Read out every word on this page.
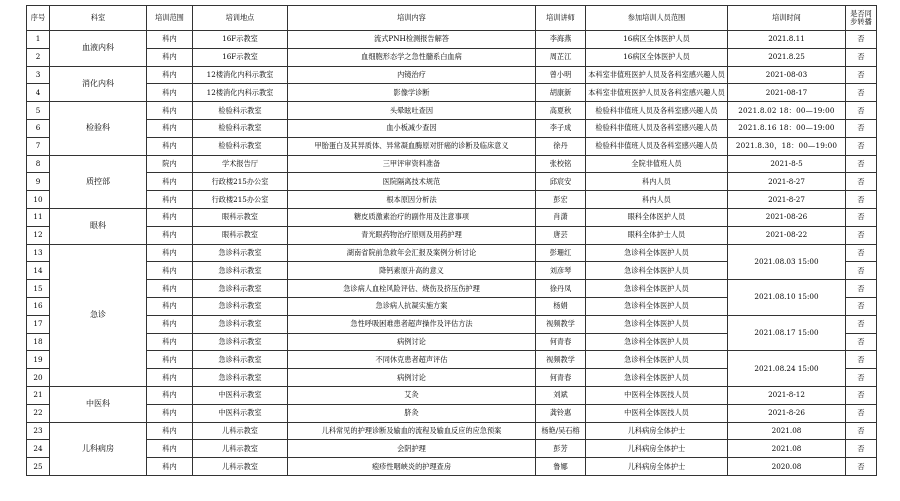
序号	科室	培训范围	培训地点	培训内容	培训讲师	参加培训人员范围	培训时间	是否同步转播
1	血液内科	科内	16F示教室	流式PNH检测报告解答	李海燕	16病区全体医护人员	2021.8.11	否
2		科内	16F示教室	血细胞形态学之急性髓系白血病	周芷江	16病区全体医护人员	2021.8.25	否
3	消化内科	科内	12楼消化内科示教室	内镜治疗	曾小明	本科室非值班医护人员及各科室感兴趣人员	2021-08-03	否
4		科内	12楼消化内科示教室	影像学诊断	胡康新	本科室非值班医护人员及各科室感兴趣人员	2021-08-17	否
5	检验科	科内	检验科示教室	头晕眩吐查因	高夏秋	检验科非值班人员及各科室感兴趣人员	2021.8.02 18：00—19:00	否
6		科内	检验科示教室	血小板减少查因	李子成	检验科非值班人员及各科室感兴趣人员	2021.8.16 18：00—19:00	否
7		科内	检验科示教室	甲胎蛋白及其异质体、异常凝血酶原对肝癌的诊断及临床意义	徐丹	检验科非值班人员及各科室感兴趣人员	2021.8.30，18：00—19:00	否
8	质控部	院内	学术报告厅	三甲评审资料准备	张校铭	全院非值班人员	2021-8-5	否
9		科内	行政楼215办公室	医院隔离技术规范	邱宸安	科内人员	2021-8-27	否
10		科内	行政楼215办公室	根本原因分析法	彭宏	科内人员	2021-8-27	否
11	眼科	科内	眼科示教室	糖皮质激素治疗的副作用及注意事项	肖潇	眼科全体医护人员	2021-08-26	否
12		科内	眼科示教室	青光眼药物治疗原则及用药护理	唐芸	眼科全体护士人员	2021-08-22	否
13	急诊	科内	急诊科示教室	湖南省院前急救年会汇报及案例分析讨论	彭珊红	急诊科全体医护人员	2021.08.03 15:00	否
14		科内	急诊科示教室	降钙素原升高的意义	刘彦琴	急诊科全体医护人员		否
15		科内	急诊科示教室	急诊病人血栓风险评估、烧伤及挤压伤护理	徐丹凤	急诊科全体医护人员	2021.08.10 15:00	否
16		科内	急诊科示教室	急诊病人抗凝实施方案	杨娟	急诊科全体医护人员		否
17		科内	急诊科示教室	急性呼吸困难患者超声操作及评估方法	视频教学	急诊科全体医护人员	2021.08.17 15:00	否
18		科内	急诊科示教室	病例讨论	何青春	急诊科全体医护人员		否
19		科内	急诊科示教室	不同休克患者超声评估	视频教学	急诊科全体医护人员	2021.08.24 15:00	否
20		科内	急诊科示教室	病例讨论	何青春	急诊科全体医护人员		否
21	中医科	科内	中医科示教室	艾灸	刘斌	中医科全体医技人员	2021-8-12	否
22		科内	中医科示教室	脐灸	龚铃惠	中医科全体医技人员	2021-8-26	否
23	儿科病房	科内	儿科示教室	儿科常见的护理诊断及输血的流程及输血反应的应急预案	杨艳/吴石榕	儿科病房全体护士	2021.08	否
24		科内	儿科示教室	会阴护理	彭芳	儿科病房全体护士	2021.08	否
25		科内	儿科示教室	疱疹性咽峡炎的护理查房	鲁娜	儿科病房全体护士	2020.08	否
